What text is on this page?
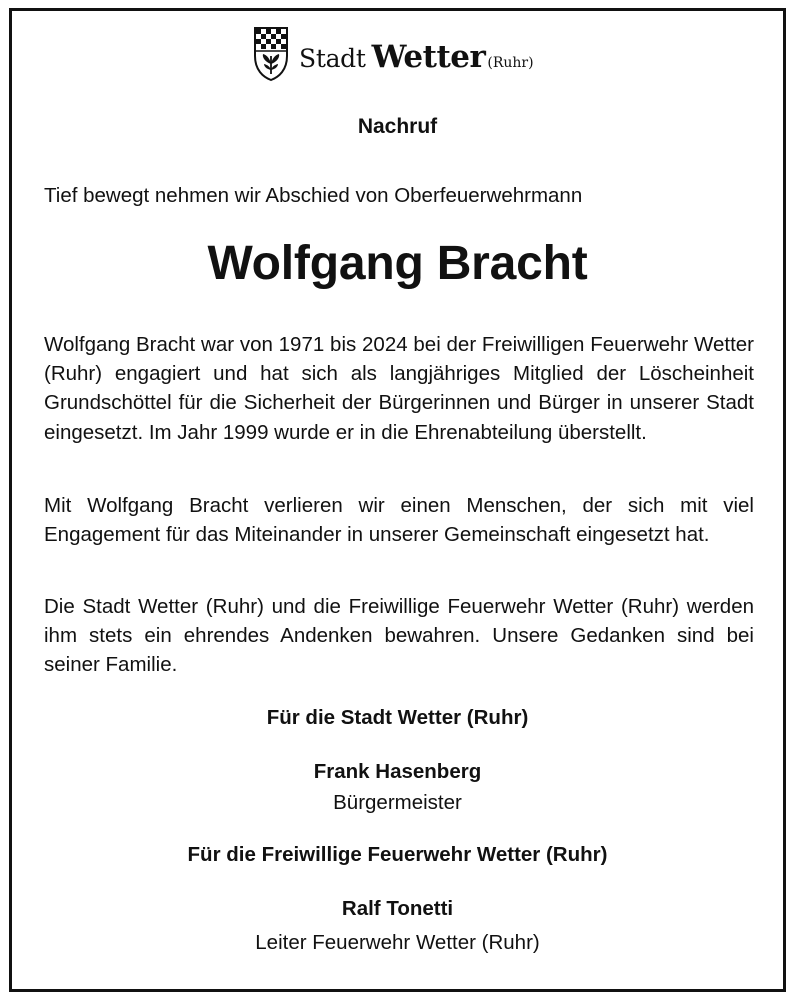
Stadt Wetter (Ruhr)
Nachruf
Tief bewegt nehmen wir Abschied von Oberfeuerwehrmann
Wolfgang Bracht
Wolfgang Bracht war von 1971 bis 2024 bei der Freiwilligen Feuerwehr Wetter (Ruhr) engagiert und hat sich als langjähriges Mitglied der Löscheinheit Grundschöttel für die Sicherheit der Bürgerinnen und Bürger in unserer Stadt eingesetzt. Im Jahr 1999 wurde er in die Ehrenabteilung überstellt.
Mit Wolfgang Bracht verlieren wir einen Menschen, der sich mit viel Engagement für das Miteinander in unserer Gemeinschaft eingesetzt hat.
Die Stadt Wetter (Ruhr) und die Freiwillige Feuerwehr Wetter (Ruhr) werden ihm stets ein ehrendes Andenken bewahren. Unsere Gedanken sind bei seiner Familie.
Für die Stadt Wetter (Ruhr)
Frank Hasenberg
Bürgermeister
Für die Freiwillige Feuerwehr Wetter (Ruhr)
Ralf Tonetti
Leiter Feuerwehr Wetter (Ruhr)
